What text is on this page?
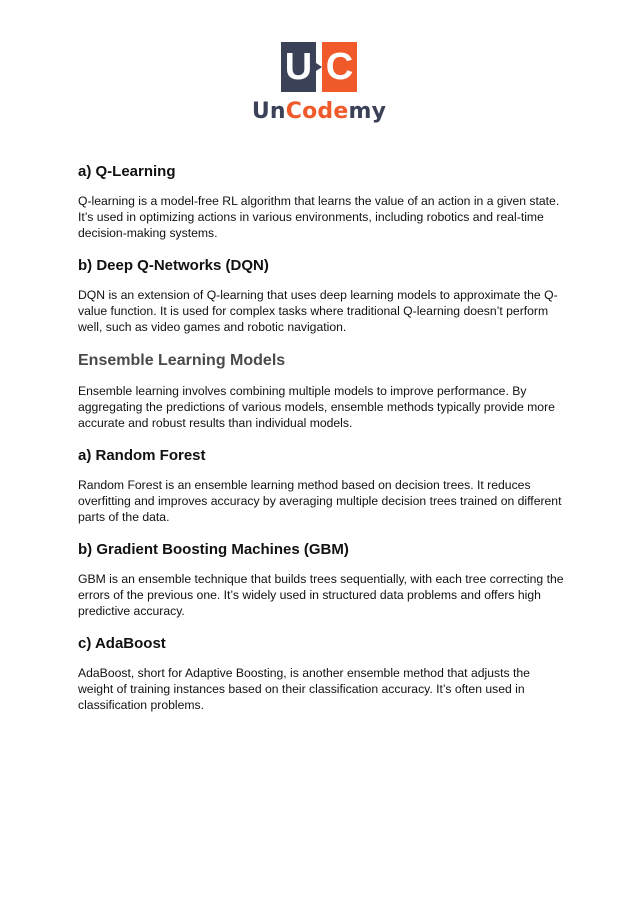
U C
UnCodemy
a) Q-Learning

Q-learning is a model-free RL algorithm that learns the value of an action in a given state. It’s used in optimizing actions in various environments, including robotics and real-time decision-making systems.

b) Deep Q-Networks (DQN)

DQN is an extension of Q-learning that uses deep learning models to approximate the Q-value function. It is used for complex tasks where traditional Q-learning doesn’t perform well, such as video games and robotic navigation.

Ensemble Learning Models

Ensemble learning involves combining multiple models to improve performance. By aggregating the predictions of various models, ensemble methods typically provide more accurate and robust results than individual models.

a) Random Forest

Random Forest is an ensemble learning method based on decision trees. It reduces overfitting and improves accuracy by averaging multiple decision trees trained on different parts of the data.

b) Gradient Boosting Machines (GBM)

GBM is an ensemble technique that builds trees sequentially, with each tree correcting the errors of the previous one. It’s widely used in structured data problems and offers high predictive accuracy.

c) AdaBoost

AdaBoost, short for Adaptive Boosting, is another ensemble method that adjusts the weight of training instances based on their classification accuracy. It’s often used in classification problems.
